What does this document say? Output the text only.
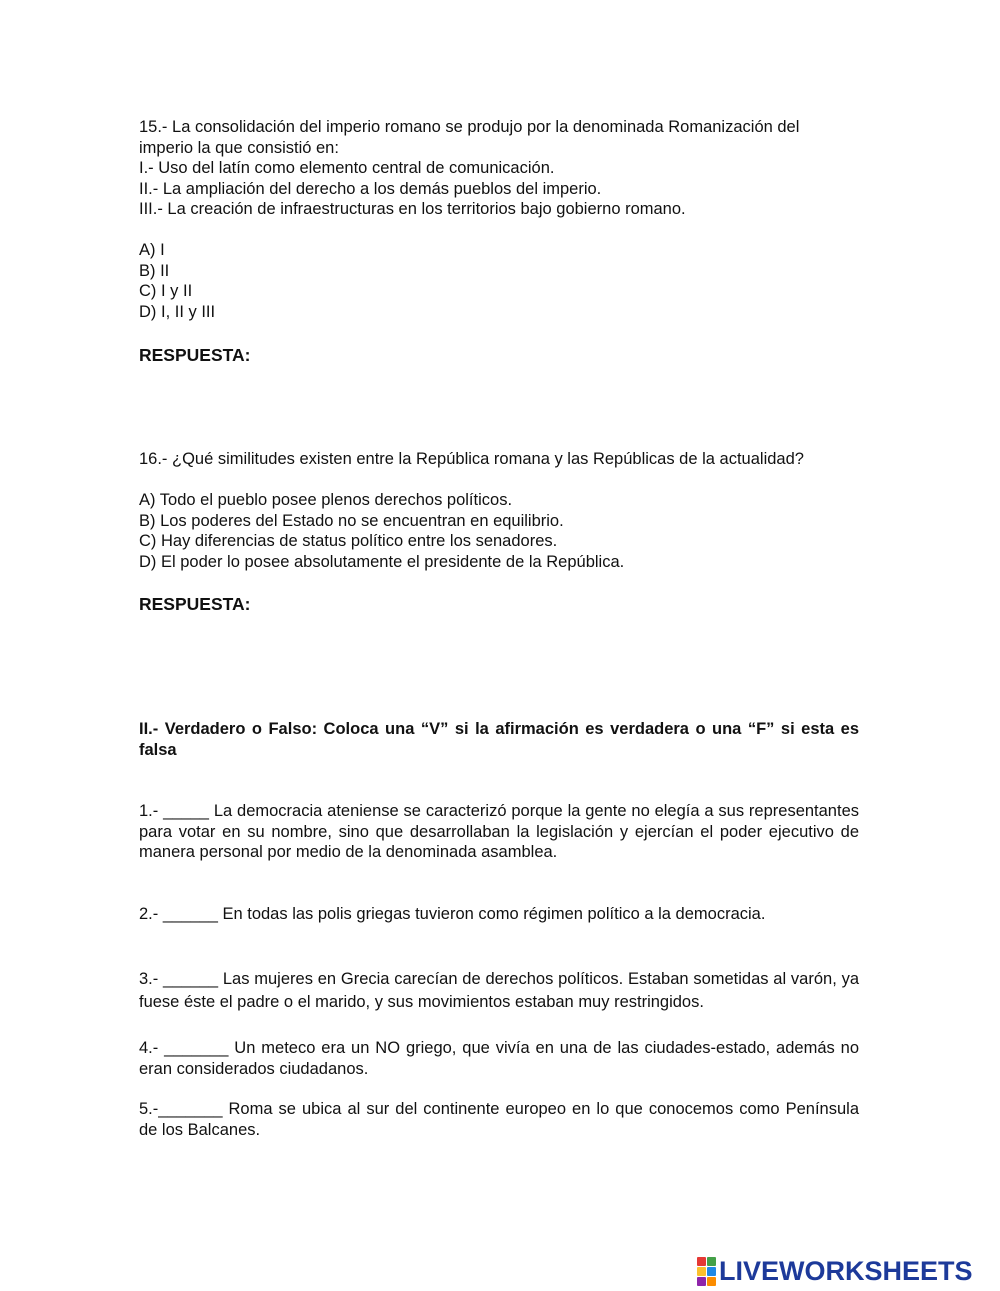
15.- La consolidación del imperio romano se produjo por la denominada Romanización del
imperio la que consistió en:
I.- Uso del latín como elemento central de comunicación.
II.- La ampliación del derecho a los demás pueblos del imperio.
III.- La creación de infraestructuras en los territorios bajo gobierno romano.
A) I
B) II
C) I y II
D) I, II y III
RESPUESTA:
16.- ¿Qué similitudes existen entre la República romana y las Repúblicas de la actualidad?
A) Todo el pueblo posee plenos derechos políticos.
B) Los poderes del Estado no se encuentran en equilibrio.
C) Hay diferencias de status político entre los senadores.
D) El poder lo posee absolutamente el presidente de la República.
RESPUESTA:
II.- Verdadero o Falso: Coloca una “V” si la afirmación es verdadera o una “F” si esta es falsa
1.- _____ La democracia ateniense se caracterizó porque la gente no elegía a sus representantes para votar en su nombre, sino que desarrollaban la legislación y ejercían el poder ejecutivo de manera personal por medio de la denominada asamblea.
2.- ______ En todas las polis griegas tuvieron como régimen político a la democracia.
3.- ______ Las mujeres en Grecia carecían de derechos políticos. Estaban sometidas al varón, ya fuese éste el padre o el marido, y sus movimientos estaban muy restringidos.
4.- _______ Un meteco era un NO griego, que vivía en una de las ciudades-estado, además no eran considerados ciudadanos.
5.-_______ Roma se ubica al sur del continente europeo en lo que conocemos como Península de los Balcanes.
LIVEWORKSHEETS
